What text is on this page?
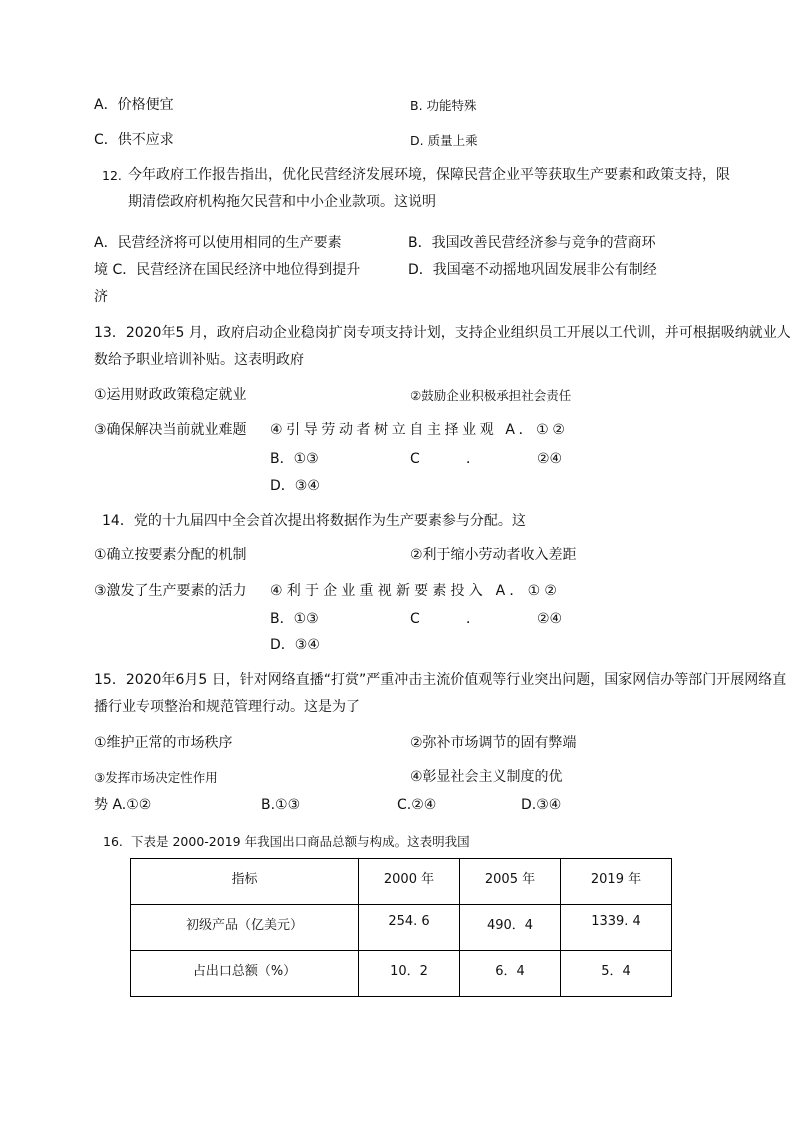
A．价格便宜	B. 功能特殊
C．供不应求	D. 质量上乘
12. 今年政府工作报告指出，优化民营经济发展环境，保障民营企业平等获取生产要素和政策支持，限
期清偿政府机构拖欠民营和中小企业款项。这说明
A．民营经济将可以使用相同的生产要素	B．我国改善民营经济参与竞争的营商环
境 C．民营经济在国民经济中地位得到提升	D．我国毫不动摇地巩固发展非公有制经
济
13．2020年5 月，政府启动企业稳岗扩岗专项支持计划，支持企业组织员工开展以工代训，并可根据吸纳就业人
数给予职业培训补贴。这表明政府
①运用财政政策稳定就业	②鼓励企业积极承担社会责任
③确保解决当前就业难题 ④引导劳动者树立自主择业观 A．①②
B．①③	C	．	②④
D．③④
14．党的十九届四中全会首次提出将数据作为生产要素参与分配。这
①确立按要素分配的机制	②利于缩小劳动者收入差距
③激发了生产要素的活力 ④利于企业重视新要素投入 A．①②
B．①③	C	．	②④
D．③④
15．2020年6月5 日，针对网络直播“打赏”严重冲击主流价值观等行业突出问题，国家网信办等部门开展网络直
播行业专项整治和规范管理行动。这是为了
①维护正常的市场秩序	②弥补市场调节的固有弊端
③发挥市场决定性作用	④彰显社会主义制度的优
势 A.①②	B.①③	C.②④	D.③④
16. 下表是 2000-2019 年我国出口商品总额与构成。这表明我国
指标	2000 年	2005 年	2019 年
初级产品（亿美元）	254. 6	490．4	1339. 4
占出口总额（%）	10．2	6．4	5．4
